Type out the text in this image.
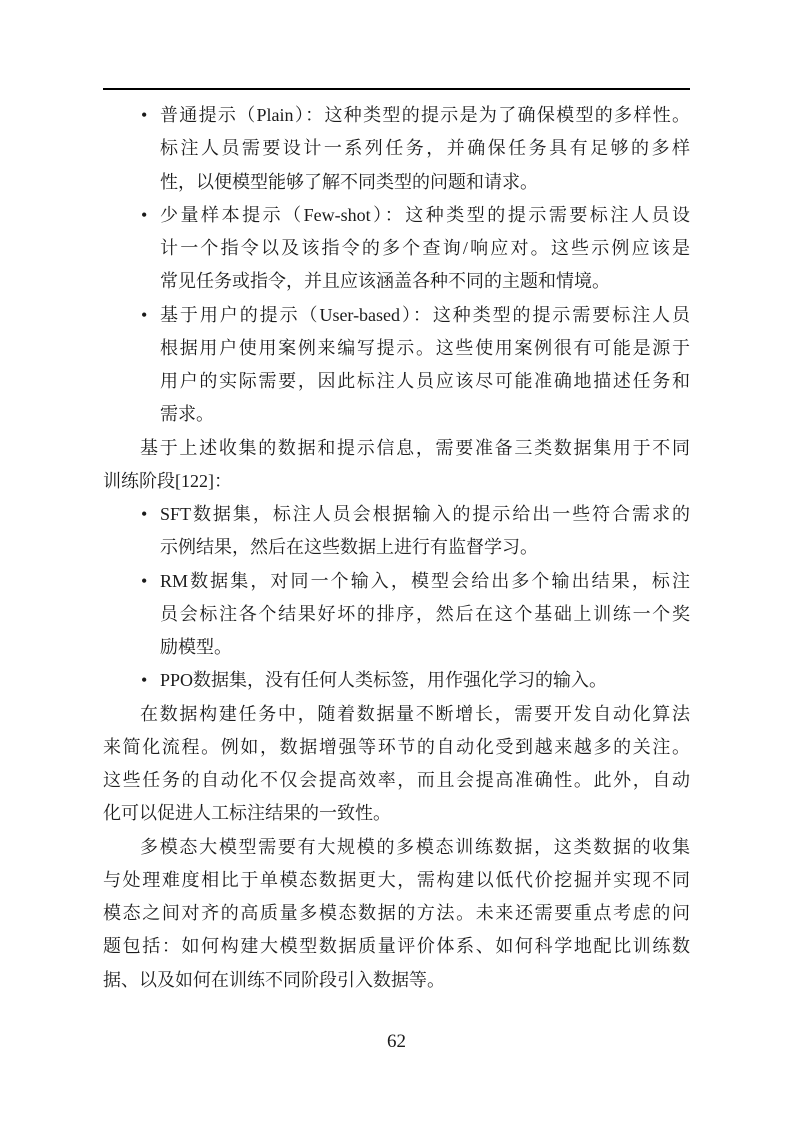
• 普通提示（Plain）：这种类型的提示是为了确保模型的多样性。
标注人员需要设计一系列任务，并确保任务具有足够的多样
性，以便模型能够了解不同类型的问题和请求。
• 少量样本提示（Few-shot）：这种类型的提示需要标注人员设
计一个指令以及该指令的多个查询/响应对。这些示例应该是
常见任务或指令，并且应该涵盖各种不同的主题和情境。
• 基于用户的提示（User-based）：这种类型的提示需要标注人员
根据用户使用案例来编写提示。这些使用案例很有可能是源于
用户的实际需要，因此标注人员应该尽可能准确地描述任务和
需求。
基于上述收集的数据和提示信息，需要准备三类数据集用于不同
训练阶段[122]：
• SFT数据集，标注人员会根据输入的提示给出一些符合需求的
示例结果，然后在这些数据上进行有监督学习。
• RM数据集，对同一个输入，模型会给出多个输出结果，标注
员会标注各个结果好坏的排序，然后在这个基础上训练一个奖
励模型。
• PPO数据集，没有任何人类标签，用作强化学习的输入。
在数据构建任务中，随着数据量不断增长，需要开发自动化算法
来简化流程。例如，数据增强等环节的自动化受到越来越多的关注。
这些任务的自动化不仅会提高效率，而且会提高准确性。此外，自动
化可以促进人工标注结果的一致性。
多模态大模型需要有大规模的多模态训练数据，这类数据的收集
与处理难度相比于单模态数据更大，需构建以低代价挖掘并实现不同
模态之间对齐的高质量多模态数据的方法。未来还需要重点考虑的问
题包括：如何构建大模型数据质量评价体系、如何科学地配比训练数
据、以及如何在训练不同阶段引入数据等。
62
